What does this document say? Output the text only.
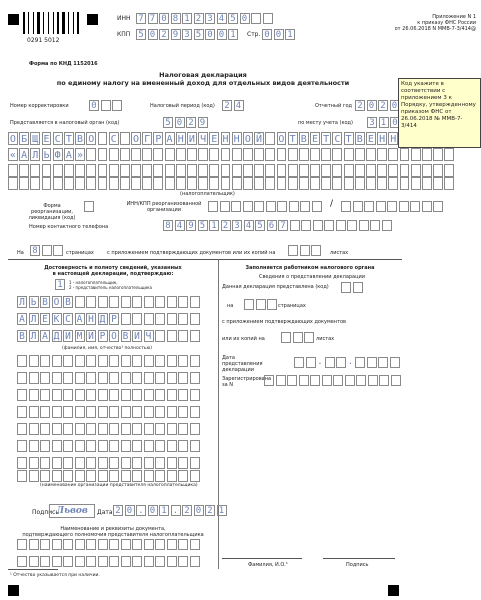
0291 5012
ИНН 7 7 0 8 1 2 3 4 5 0
КПП 5 0 2 9 3 5 0 0 1	Стр. 0 0 1
Приложение N 1
к приказу ФНС России
от 26.06.2018 N ММВ-7-3/414@
Форма по КНД 1152016
Налоговая декларация
по единому налогу на вмененный доход для отдельных видов деятельности
Номер корректировки	0	Налоговый период (код) 2 4	Отчетный год 2 0 2 0
Представляется в налоговый орган (код)	5 0 2 9	по месту учета (код) 3 1 0
О Б Щ Е С Т В О С О Г Р А Н И Ч Е Н Н О Й О Т В Е Т С Т В Е Н Н
« А Л Ь Ф А »
(налогоплательщик)
Форма реорганизации, ликвидация (код)
ИНН/КПП реорганизованной организации
/
Номер контактного телефона	8 4 9 5 1 2 3 4 5 6 7
На 8	страницах	с приложением подтверждающих документов или их копий на	листах
Достоверность и полноту сведений, указанных
в настоящей декларации, подтверждаю:
1	1 - налогоплательщик,
2 - представитель налогоплательщика
Л Ь В О В
А Л Е К С А Н Д Р
В Л А Д И М И Р О В И Ч
(фамилия, имя, отчество¹ полностью)
(наименование организации представителя налогоплательщика)
Подпись
Львов	Дата 2 0 . 0 1 . 2 0 2 1
Наименование и реквизиты документа,
подтверждающего полномочия представителя налогоплательщика
Заполняется работником налогового органа
Сведения о представлении декларации
Данная декларация представлена (код)
на	страницах
с приложением подтверждающих документов
или их копий на	листах
Дата представления декларации
.	.
Зарегистрирована за N
Фамилия, И.О.¹	Подпись
¹ Отчество указывается при наличии.
Код укажите в соответствии с приложением 3 к Порядку, утвержденному приказом ФНС от 26.06.2018 № ММВ-7-3/414
